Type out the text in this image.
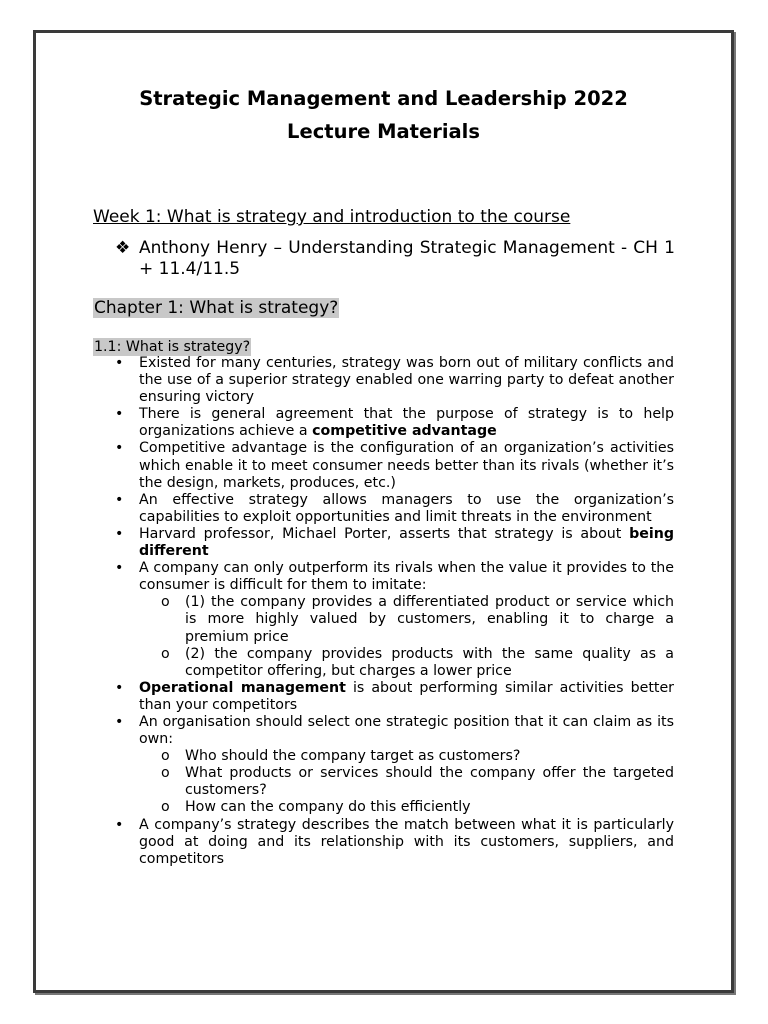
Strategic Management and Leadership 2022
Lecture Materials
Week 1: What is strategy and introduction to the course
❖ Anthony Henry – Understanding Strategic Management - CH 1 + 11.4/11.5
Chapter 1: What is strategy?
1.1: What is strategy?
• Existed for many centuries, strategy was born out of military conflicts and the use of a superior strategy enabled one warring party to defeat another ensuring victory
• There is general agreement that the purpose of strategy is to help organizations achieve a competitive advantage
• Competitive advantage is the configuration of an organization’s activities which enable it to meet consumer needs better than its rivals (whether it’s the design, markets, produces, etc.)
• An effective strategy allows managers to use the organization’s capabilities to exploit opportunities and limit threats in the environment
• Harvard professor, Michael Porter, asserts that strategy is about being different
• A company can only outperform its rivals when the value it provides to the consumer is difficult for them to imitate:
o (1) the company provides a differentiated product or service which is more highly valued by customers, enabling it to charge a premium price
o (2) the company provides products with the same quality as a competitor offering, but charges a lower price
• Operational management is about performing similar activities better than your competitors
• An organisation should select one strategic position that it can claim as its own:
o Who should the company target as customers?
o What products or services should the company offer the targeted customers?
o How can the company do this efficiently
• A company’s strategy describes the match between what it is particularly good at doing and its relationship with its customers, suppliers, and competitors
